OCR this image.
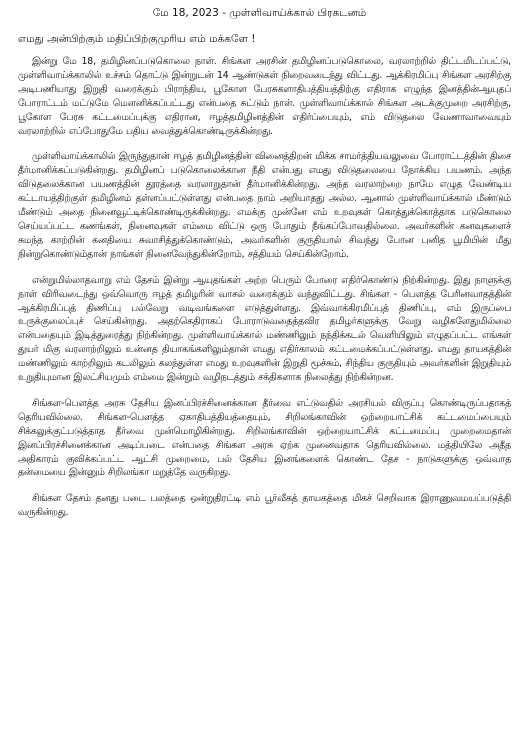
மே 18, 2023 - முள்ளிவாய்க்கால் பிரகடனம்
எமது அன்பிற்கும் மதிப்பிற்குமுரிய எம் மக்களே !

இன்று மே 18, தமிழினப்படுகொலை நாள். சிங்கள அரசின் தமிழினப்படுகொலை, வரலாற்றில் திட்டமிடப்பட்டு, முள்ளிவாய்க்காலில் உச்சம் தொட்டு இன்றுடன் 14 ஆண்டுகள் நிறைவடைந்து விட்டது. ஆக்கிரமிப்பு சிங்கள அரசிற்கு அடிபணியாது இறுதி வரைக்கும் பிராந்திய, பூகோள பேரசுகளாதிபத்தியத்திற்கு எதிராக எழுந்த இனத்தின்ஆயுதப் போராட்டம் மட்டுமே மௌனிக்கப்பட்டது என்பதை சுட்டும் நாள். முள்ளிவாய்க்கால் சிங்கள அடக்குமுறை அரசிற்கு, பூகோள பேரசு கட்டமைப்புக்கு எதிரான, ஈழத்தமிழினத்தின் எதிர்ப்பையும், எம் விடுதலை வேணாவாவையும் வரலாற்றில் எப்போதுமே பதிய வைத்துக்கொண்டிருக்கின்றது.

முள்ளிவாய்க்காலில் இருந்துதான் ஈழத் தமிழினத்தின் வினைத்திறன் மிக்க சாமர்த்தியவலுவை போராட்டத்தின் திசை தீர்மானிக்கப்படுகின்றது. தமிழினப் படுகொலைக்கான நீதி என்பது எமது விடுதலையை நோக்கிய பயணம். அந்த விடுதலைக்கான பயணத்தின் தூரத்தை வரலாறுதான் தீர்மானிக்கின்றது. அந்த வரலாற்றை நாமே எழுத வேண்டிய கட்டாயத்திற்குள் தமிழினம் தள்ளப்பட்டுள்ளது என்பதை நாம் அறியாதது அல்ல. ஆனால் முள்ளிவாய்க்கால் மீண்டும் மீண்டும் அதை நினைவூட்டிக்கொண்டிருக்கின்றது. எமக்கு முன்னே எம் உறவுகள் கொத்துக்கொத்தாக படுகொலை செய்யப்பட்ட கணங்கள், நினைவுகள் எம்மை விட்டு ஒரு போதும் நீங்கப்போவதில்லை. அவர்களின் கனவுகளைச் சுமந்த காற்றின் கனதியை சுவாசித்துக்கொண்டும், அவர்களின் குருதியால் சிவந்து போன புனித பூமியின் மீது நின்றுகொண்டும்தான் நாங்கள் நினைவேந்துகின்றோம், சத்தியம் செய்கின்றோம்.

என்றுமில்லாதவாறு எம் தேசம் இன்று ஆயுதங்கள் அற்ற பெரும் போரை எதிர்கொண்டு நிற்கின்றது. இது நாளுக்கு நாள் விரிவடைந்து ஒவ்வொரு ஈழத் தமிழரின் வாசல் வரைக்கும் வந்துவிட்டது. சிங்கள - பௌத்த பேரினவாதத்தின் ஆக்கிரமிப்புத் திணிப்பு பல்வேறு வடிவங்களை எடுத்துள்ளது. இவ்வாக்கிரமிப்புத் திணிப்பு, எம் இருப்பை உருக்குலைப்புச் செய்கின்றது. அதற்கெதிராகப் போராடுவதைத்தவிர தமிழர்களுக்கு வேறு வழிகளேதுமில்லை என்பதையும் இடித்துரைத்து நிற்கின்றது. முள்ளிவாய்க்கால் மண்ணிலும் நந்திக்கடல் வெளியிலும் எழுதப்பட்ட எங்கள் துயர் மிகு வரலாற்றிலும் உன்னத தியாகங்களிலும்தான் எமது எதிர்காலம் கட்டமைக்கப்பட்டுள்ளது. எமது தாயகத்தின் மண்ணிலும் காற்றிலும் கடலிலும் கலந்துள்ள எமது உறவுகளின் இறுதி மூச்சும், சிந்திய குருதியும் அவர்களின் இறுதியும் உறுதியுமான இலட்சியமும் எம்மை இன்றும் வழிநடத்தும் சக்திகளாக நிலைத்து நிற்கின்றன.

சிங்கள-பௌத்த அரசு தேசிய இனப்பிரச்சினைக்கான தீர்வை எட்டுவதில் அரசியல் விருப்பு கொண்டிருப்பதாகத் தெரியவில்லை. சிங்கள-பௌத்த ஏகாதிபத்தியத்தையும், சிறிலங்காவின் ஒற்றையாட்சிக் கட்டமைப்பையும் சிக்கலுக்குட்படுத்தாத தீர்வை முன்மொழிகின்றது. சிறிலங்காவின் ஒற்றையாட்சிக் கட்டமைப்பு முறைமைதான் இனப்பிரச்சினைக்கான அடிப்படை என்பதை சிங்கள அரசு ஏற்க முனைவதாக தெரியவில்லை. மத்தியிலே அதீத அதிகாரம் குவிக்கப்பட்ட ஆட்சி முறைமை, பல் தேசிய இனங்களைக் கொண்ட தேச - நாடுகளுக்கு ஒவ்வாத தன்மையை இன்னும் சிறிலங்கா மறுத்தே வருகிறது.

சிங்கள தேசம் தனது படை பலத்தை ஒன்றுதிரட்டி எம் பூர்வீகத் தாயகத்தை மிகச் செறிவாக இராணுவமயப்படுத்தி வருகின்றது.
